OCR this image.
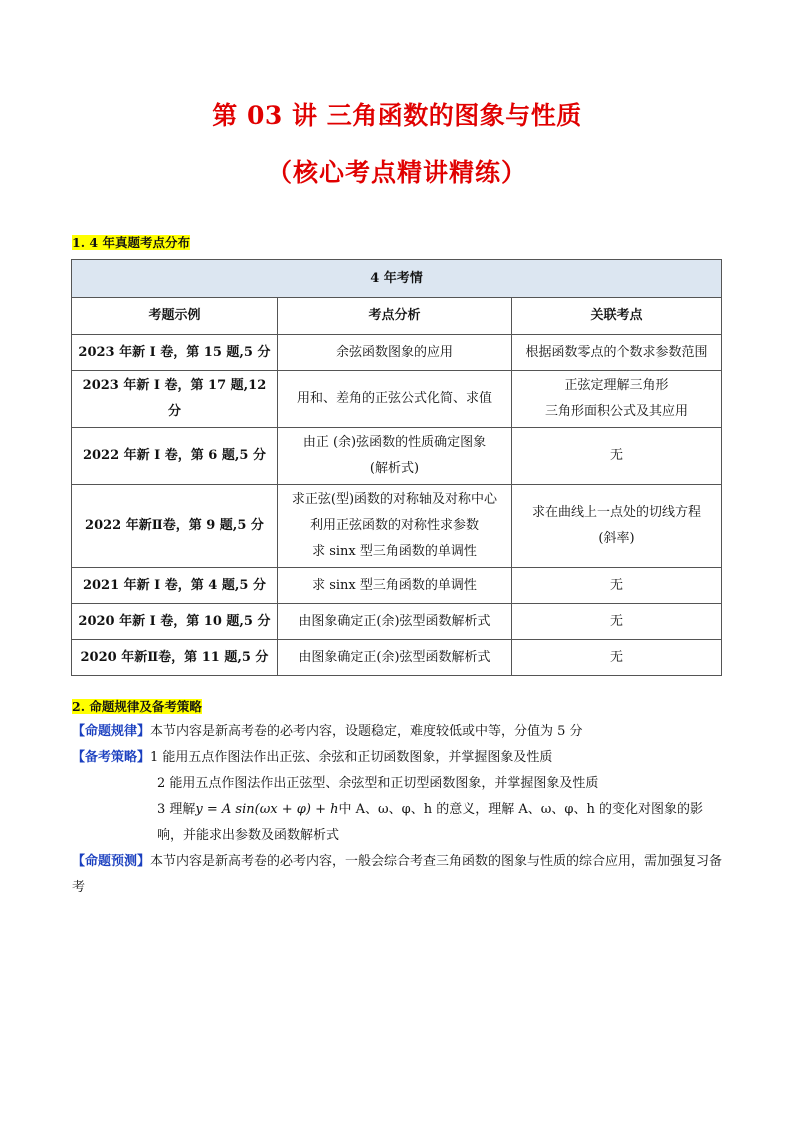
第 03 讲 三角函数的图象与性质
（核心考点精讲精练）
1. 4 年真题考点分布
4 年考情		
考题示例	考点分析	关联考点
2023 年新 I 卷，第 15 题,5 分	余弦函数图象的应用	根据函数零点的个数求参数范围

2023 年新 I 卷，第 17 题,12 分	用和、差角的正弦公式化简、求值	正弦定理解三角形
三角形面积公式及其应用

2022 年新 I 卷，第 6 题,5 分	由正 (余)弦函数的性质确定图象
(解析式)	无

2022 年新Ⅱ卷，第 9 题,5 分	求正弦(型)函数的对称轴及对称中心
利用正弦函数的对称性求参数
求 sinx 型三角函数的单调性	求在曲线上一点处的切线方程
(斜率)

2021 年新 I 卷，第 4 题,5 分	求 sinx 型三角函数的单调性	无

2020 年新 I 卷，第 10 题,5 分	由图象确定正(余)弦型函数解析式	无

2020 年新Ⅱ卷，第 11 题,5 分	由图象确定正(余)弦型函数解析式	无
2. 命题规律及备考策略
【命题规律】本节内容是新高考卷的必考内容，设题稳定，难度较低或中等，分值为 5 分
【备考策略】1 能用五点作图法作出正弦、余弦和正切函数图象，并掌握图象及性质
2 能用五点作图法作出正弦型、余弦型和正切型函数图象，并掌握图象及性质
3 理解y = A sin(ωx + φ) + h中 A、ω、φ、h 的意义，理解 A、ω、φ、h 的变化对图象的影
响，并能求出参数及函数解析式
【命题预测】本节内容是新高考卷的必考内容，一般会综合考查三角函数的图象与性质的综合应用，需加强复习备考
